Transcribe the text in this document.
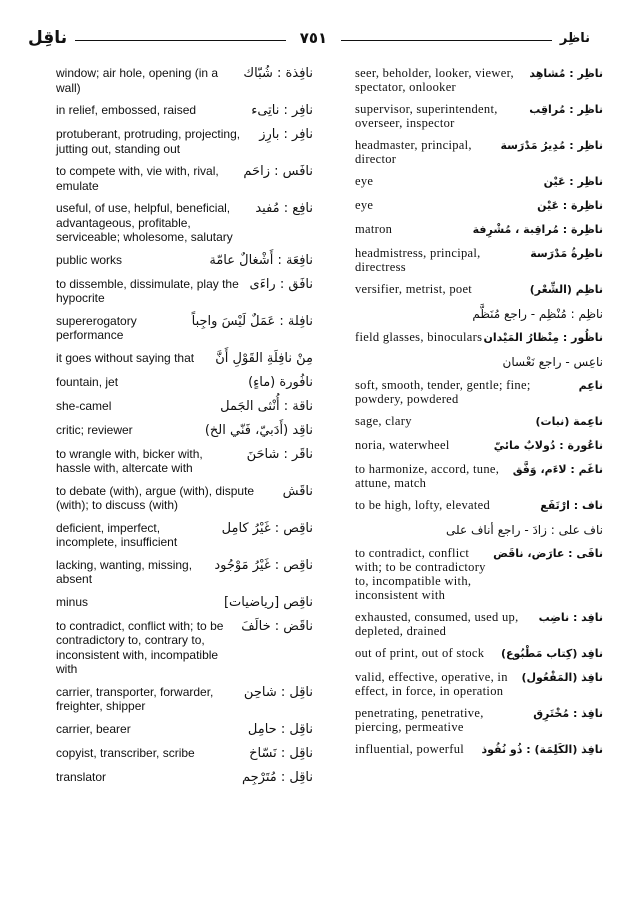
ناقِل	٧٥١	ناظِر
نافِذة : شُبّاك
window; air hole, opening (in a wall)
نافِر : ناتِىء
in relief, embossed, raised
نافِر : بارِز
protuberant, protruding, projecting, jutting out, standing out
نافَس : زاحَم
to compete with, vie with, rival, emulate
نافِع : مُفيد
useful, of use, helpful, beneficial, advantageous, profitable, serviceable; wholesome, salutary
نافِعَة : أَشْغالٌ عامّة
public works
نافَق : راءَى
to dissemble, dissimulate, play the hypocrite
نافِلة : عَمَلٌ لَيْسَ واجِباً
supererogatory performance
مِنْ نافِلَةِ القَوْلِ أَنَّ
it goes without saying that
نافُورة (ماءٍ)
fountain, jet
ناقة : أُنْثى الجَمل
she-camel
ناقِد (أَدَبيّ، فَنّي الخ)
critic; reviewer
ناقَر : شاحَنَ
to wrangle with, bicker with, hassle with, altercate with
ناقَش
to debate (with), argue (with), dispute (with); to discuss (with)
ناقِص : غَيْرُ كامِل
deficient, imperfect, incomplete, insufficient
ناقِص : غَيْرُ مَوْجُود
lacking, wanting, missing, absent
ناقِص [رياضيات]
minus
ناقَض : خالَفَ
to contradict, conflict with; to be contradictory to, contrary to, inconsistent with, incompatible with
ناقِل : شاحِن
carrier, transporter, forwarder, freighter, shipper
ناقِل : حامِل
carrier, bearer
ناقِل : نَسّاخ
copyist, transcriber, scribe
ناقِل : مُتَرْجِم
translator
ناظِر : مُشاهِد
seer, beholder, looker, viewer, spectator, onlooker
ناظِر : مُراقِب
supervisor, superintendent, overseer, inspector
ناظِر : مُدِيرُ مَدْرَسة
headmaster, principal, director
ناظِر : عَيْن
eye
ناظِرة : عَيْن
eye
ناظِرة : مُراقِبة ، مُشْرِفة
matron
ناظِرةُ مَدْرَسة
headmistress, principal, directress
ناظِم (الشِّعْر)
versifier, metrist, poet
ناظِم : مُنْظِم - راجع مُنَظَّم
ناظُور : مِنْظارُ المَيْدان
field glasses, binoculars
ناعِس - راجع نَعْسان
ناعِم
soft, smooth, tender, gentle; fine; powdery, powdered
ناعِمة (نبات)
sage, clary
ناعُورة : دُولابٌ مائيّ
noria, waterwheel
ناغَم : لاءَم، وَفَّق
to harmonize, accord, tune, attune, match
ناف : ارْتَفَع
to be high, lofty, elevated
ناف على : زادَ - راجع أناف على
نافَى : عارَض، ناقَض
to contradict, conflict with; to be contradictory to, incompatible with, inconsistent with
نافِد : ناضِب
exhausted, consumed, used up, depleted, drained
نافِد (كِتاب مَطْبُوع)
out of print, out of stock
نافِذ (المَفْعُول)
valid, effective, operative, in effect, in force, in operation
نافِذ : مُخْتَرِق
penetrating, penetrative, piercing, permeative
نافِذ (الكَلِمَة) : ذُو نُفُوذ
influential, powerful
